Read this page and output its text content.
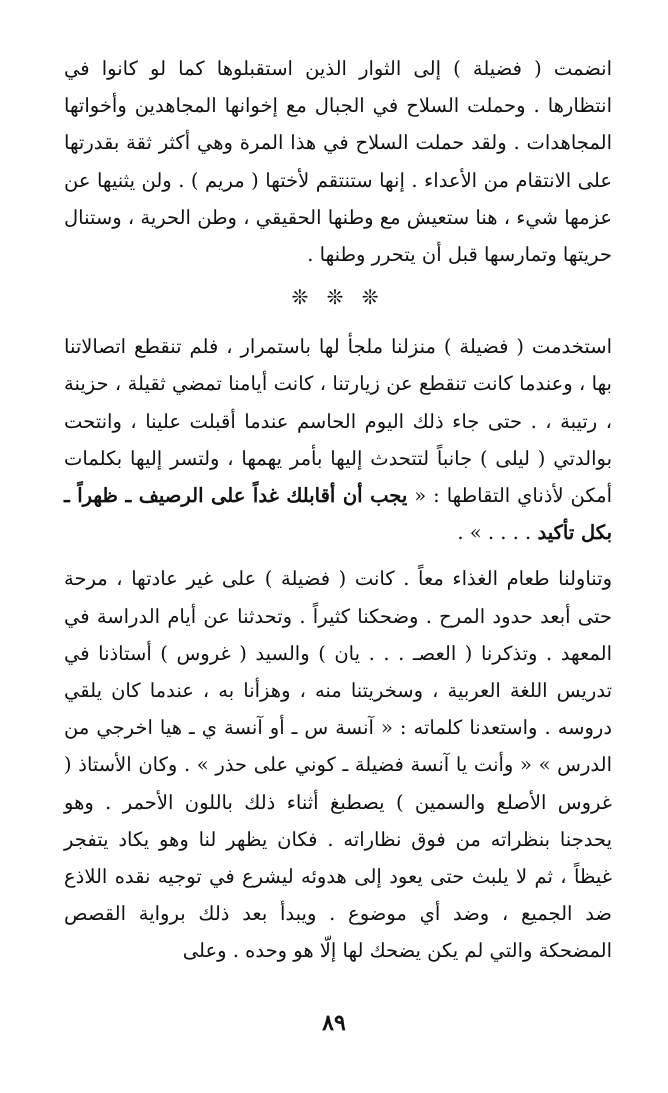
انضمت ( فضيلة ) إلى الثوار الذين استقبلوها كما لو كانوا في انتظارها . وحملت السلاح في الجبال مع إخوانها المجاهدين وأخواتها المجاهدات . ولقد حملت السلاح في هذا المرة وهي أكثر ثقة بقدرتها على الانتقام من الأعداء . إنها ستنتقم لأختها ( مريم ) . ولن يثنيها عن عزمها شيء ، هنا ستعيش مع وطنها الحقيقي ، وطن الحرية ، وستنال حريتها وتمارسها قبل أن يتحرر وطنها .

❊ ❊ ❊

استخدمت ( فضيلة ) منزلنا ملجأ لها باستمرار ، فلم تنقطع اتصالاتنا بها ، وعندما كانت تنقطع عن زيارتنا ، كانت أيامنا تمضي ثقيلة ، حزينة ، رتيبة ، . حتى جاء ذلك اليوم الحاسم عندما أقبلت علينا ، وانتحت بوالدتي ( ليلى ) جانباً لتتحدث إليها بأمر يهمها ، ولتسر إليها بكلمات أمكن لأذناي التقاطها : « يجب أن أقابلك غداً على الرصيف ـ ظهراً ـ بكل تأكيد . . . . » .

وتناولنا طعام الغذاء معاً . كانت ( فضيلة ) على غير عادتها ، مرحة حتى أبعد حدود المرح . وضحكنا كثيراً . وتحدثنا عن أيام الدراسة في المعهد . وتذكرنا ( العصـ . . . يان ) والسيد ( غروس ) أستاذنا في تدريس اللغة العربية ، وسخريتنا منه ، وهزأنا به ، عندما كان يلقي دروسه . واستعدنا كلماته : « آنسة س ـ أو آنسة ي ـ هيا اخرجي من الدرس » « وأنت يا آنسة فضيلة ـ كوني على حذر » . وكان الأستاذ ( غروس الأصلع والسمين ) يصطبغ أثناء ذلك باللون الأحمر . وهو يحدجنا بنظراته من فوق نظاراته . فكان يظهر لنا وهو يكاد يتفجر غيظاً ، ثم لا يلبث حتى يعود إلى هدوئه ليشرع في توجيه نقده اللاذع ضد الجميع ، وضد أي موضوع . ويبدأ بعد ذلك برواية القصص المضحكة والتي لم يكن يضحك لها إلّا هو وحده . وعلى

٨٩
